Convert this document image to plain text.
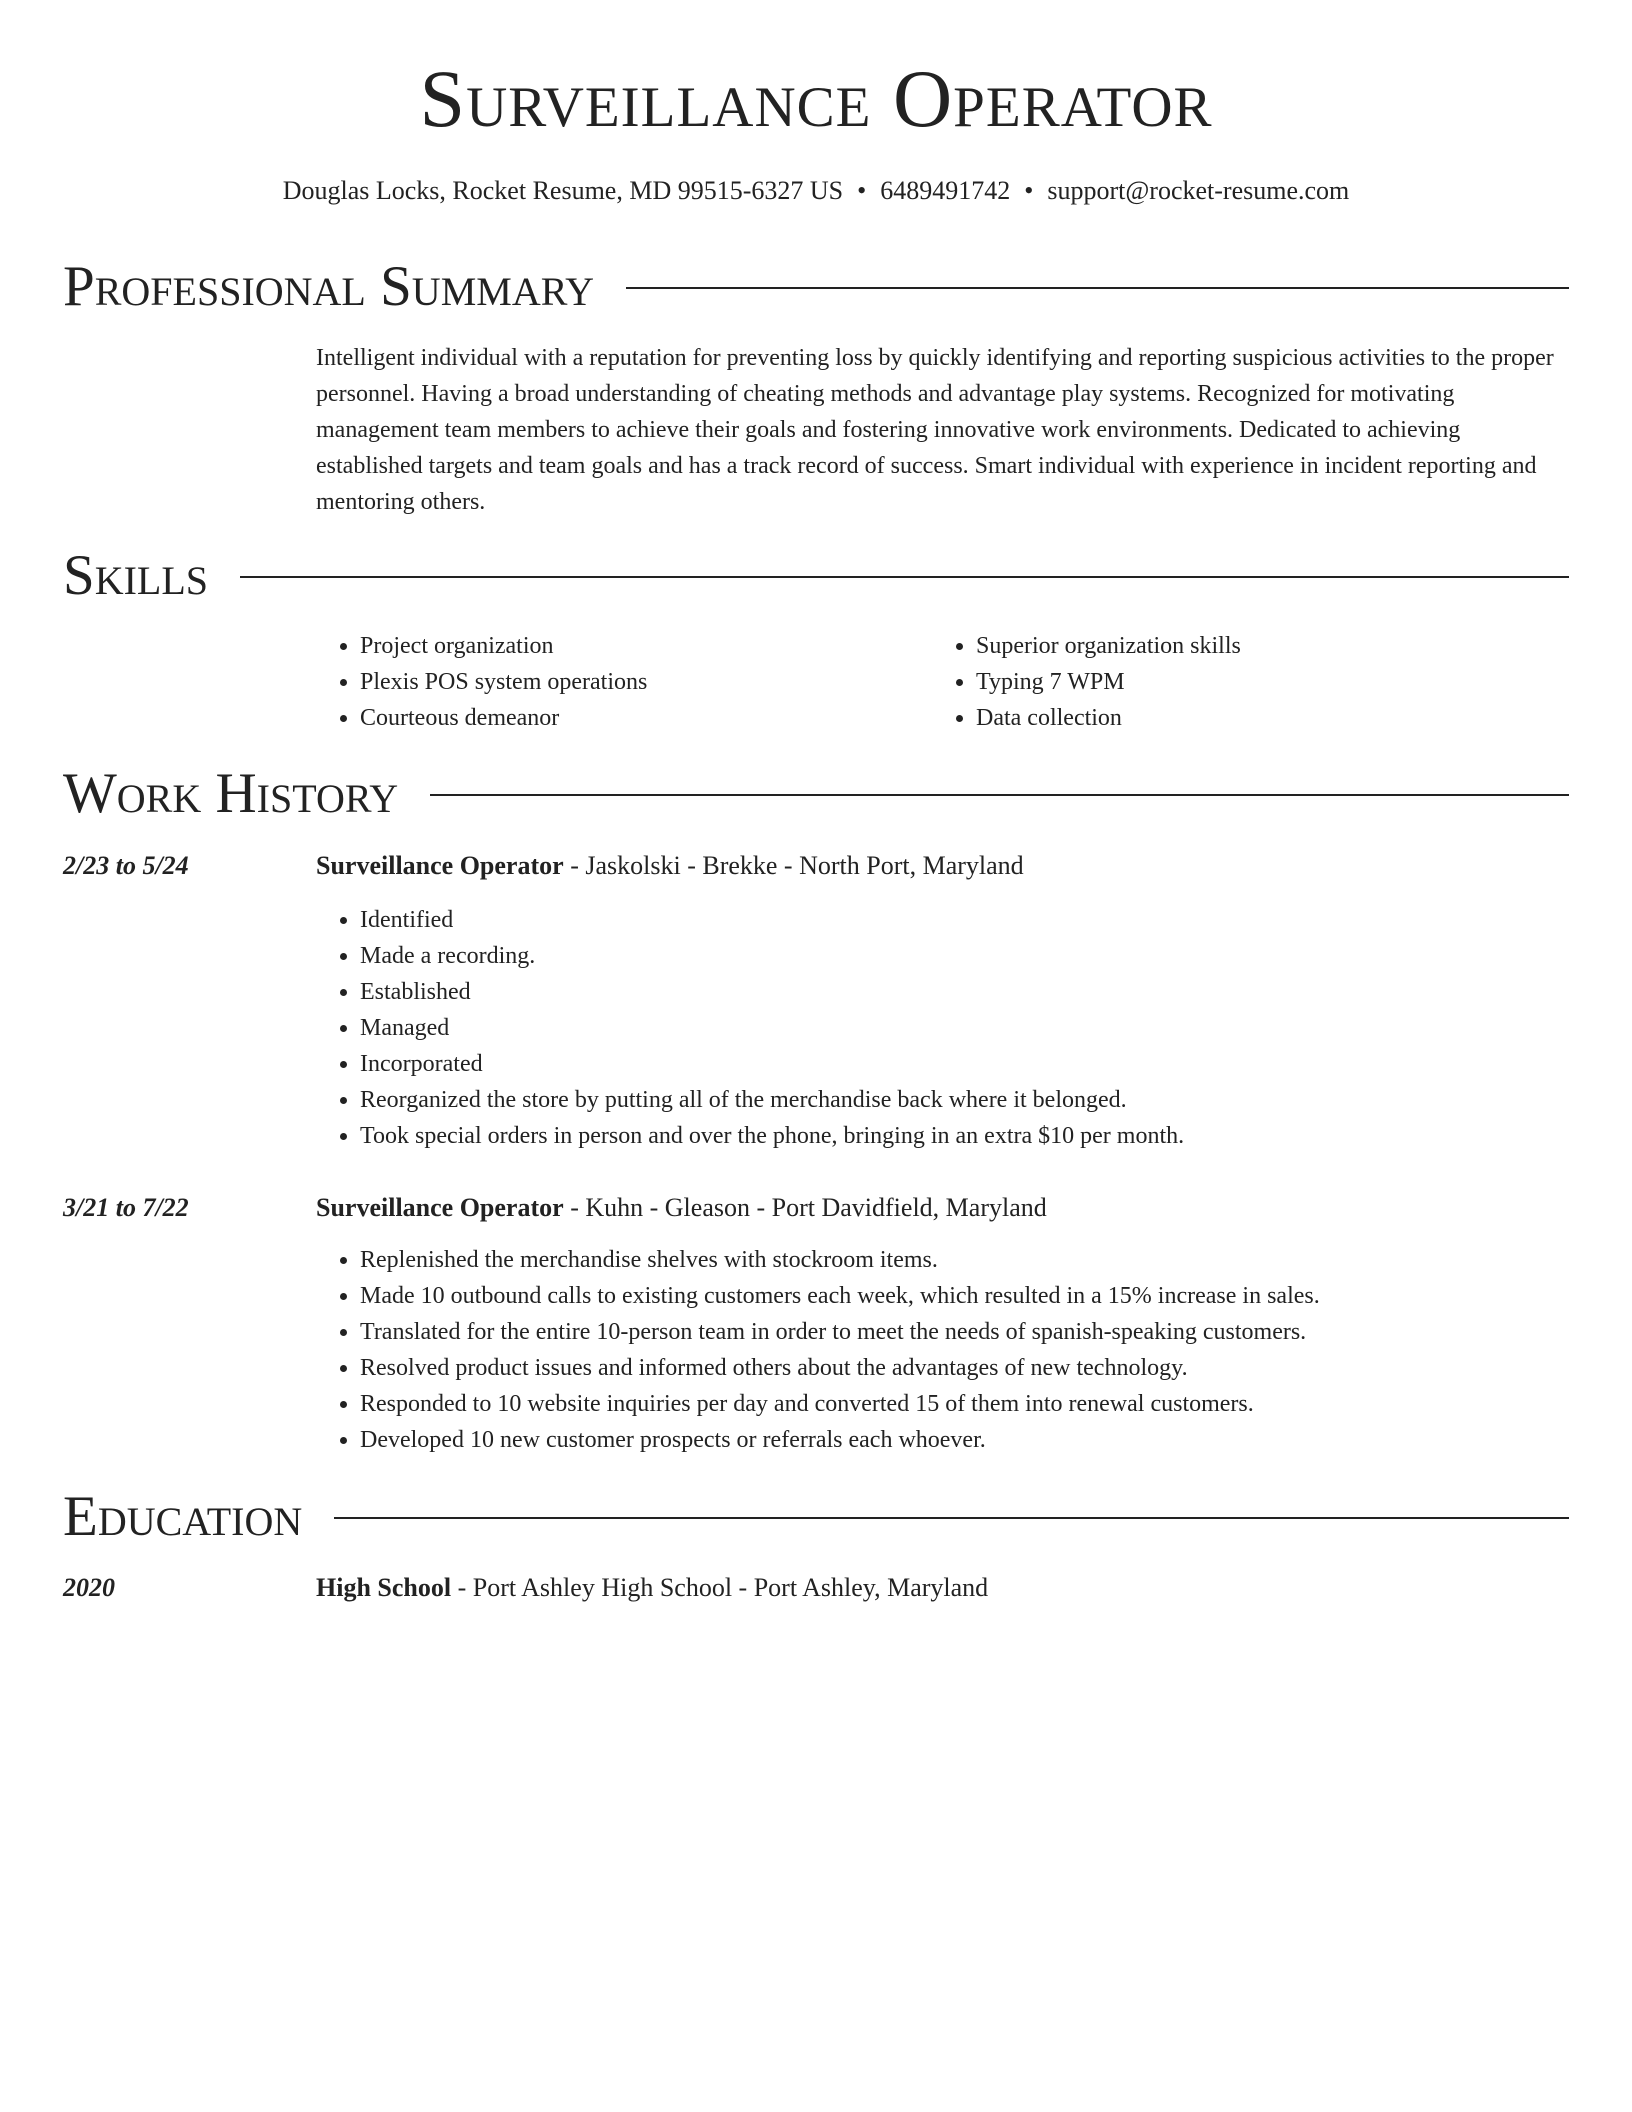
Surveillance Operator
Douglas Locks, Rocket Resume, MD 99515-6327 US • 6489491742 • support@rocket-resume.com
Professional Summary

Intelligent individual with a reputation for preventing loss by quickly identifying and reporting suspicious activities to the proper personnel. Having a broad understanding of cheating methods and advantage play systems. Recognized for motivating management team members to achieve their goals and fostering innovative work environments. Dedicated to achieving established targets and team goals and has a track record of success. Smart individual with experience in incident reporting and mentoring others.

Skills
• Project organization
• Plexis POS system operations
• Courteous demeanor
• Superior organization skills
• Typing 7 WPM
• Data collection
Work History
2/23 to 5/24	Surveillance Operator - Jaskolski - Brekke - North Port, Maryland
• Identified
• Made a recording.
• Established
• Managed
• Incorporated
• Reorganized the store by putting all of the merchandise back where it belonged.
• Took special orders in person and over the phone, bringing in an extra $10 per month.
3/21 to 7/22	Surveillance Operator - Kuhn - Gleason - Port Davidfield, Maryland
• Replenished the merchandise shelves with stockroom items.
• Made 10 outbound calls to existing customers each week, which resulted in a 15% increase in sales.
• Translated for the entire 10-person team in order to meet the needs of spanish-speaking customers.
• Resolved product issues and informed others about the advantages of new technology.
• Responded to 10 website inquiries per day and converted 15 of them into renewal customers.
• Developed 10 new customer prospects or referrals each whoever.
Education
2020	High School - Port Ashley High School - Port Ashley, Maryland
